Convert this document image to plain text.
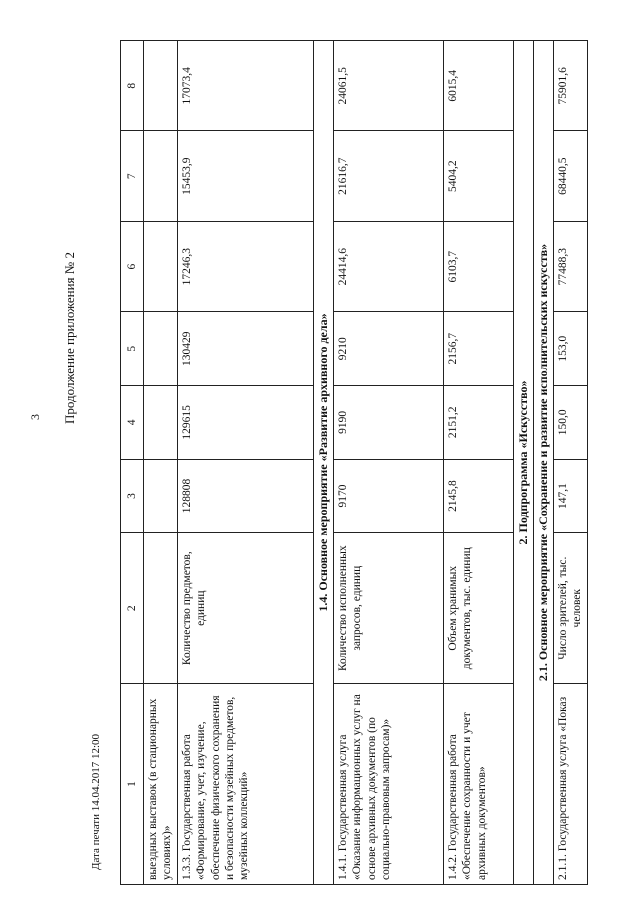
3 Продолжение приложения № 2
Дата печати 14.04.2017 12:00 1	2	3	4	5	6	7	8
выездных выставок (в стационарных условиях)»							
1.3.3. Государственная работа «Формирование, учет, изучение, обеспечение физического сохранения и безопасности музейных предметов, музейных коллекций»	Количество предметов, единиц	128808	129615	130429	17246,3	15453,9	17073,4
1.4. Основное мероприятие «Развитие архивного дела»							
1.4.1. Государственная услуга «Оказание информационных услуг на основе архивных документов (по социально-правовым запросам)»	Количество исполненных запросов, единиц	9170	9190	9210	24414,6	21616,7	24061,5
1.4.2. Государственная работа «Обеспечение сохранности и учет архивных документов»	Объем хранимых документов, тыс. единиц	2145,8	2151,2	2156,7	6103,7	5404,2	6015,4
2. Подпрограмма «Искусство»							
2.1. Основное мероприятие «Сохранение и развитие исполнительских искусств»							
2.1.1. Государственная услуга «Показ	Число зрителей, тыс. человек	147,1	150,0	153,0	77488,3	68440,5	75901,6
